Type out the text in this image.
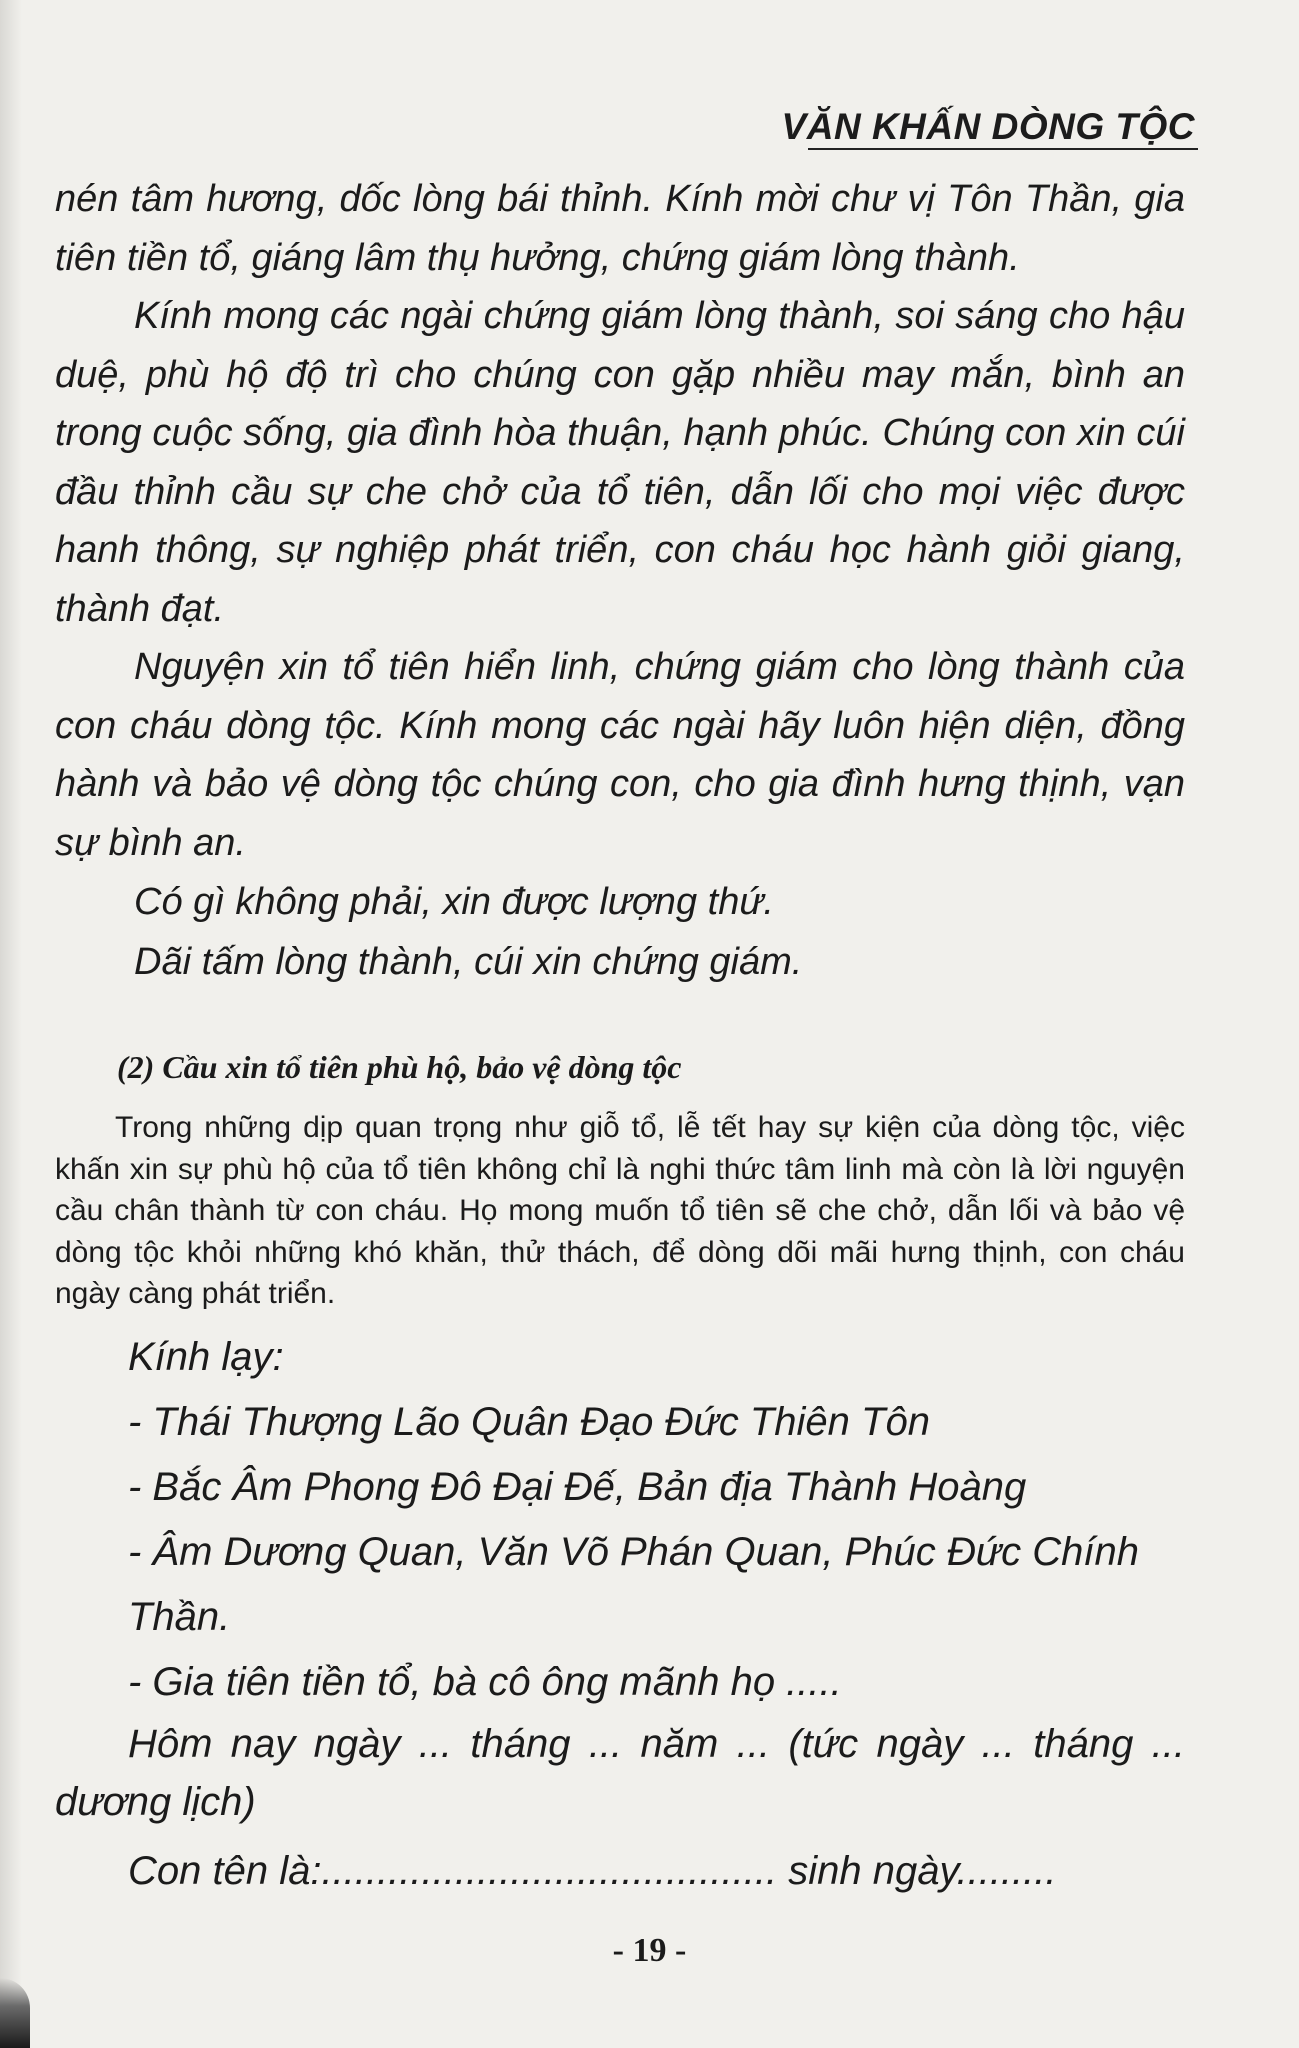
VĂN KHẤN DÒNG TỘC

nén tâm hương, dốc lòng bái thỉnh. Kính mời chư vị Tôn Thần, gia tiên tiền tổ, giáng lâm thụ hưởng, chứng giám lòng thành.

Kính mong các ngài chứng giám lòng thành, soi sáng cho hậu duệ, phù hộ độ trì cho chúng con gặp nhiều may mắn, bình an trong cuộc sống, gia đình hòa thuận, hạnh phúc. Chúng con xin cúi đầu thỉnh cầu sự che chở của tổ tiên, dẫn lối cho mọi việc được hanh thông, sự nghiệp phát triển, con cháu học hành giỏi giang, thành đạt.

Nguyện xin tổ tiên hiển linh, chứng giám cho lòng thành của con cháu dòng tộc. Kính mong các ngài hãy luôn hiện diện, đồng hành và bảo vệ dòng tộc chúng con, cho gia đình hưng thịnh, vạn sự bình an.

Có gì không phải, xin được lượng thứ.

Dãi tấm lòng thành, cúi xin chứng giám.

(2) Cầu xin tổ tiên phù hộ, bảo vệ dòng tộc

Trong những dịp quan trọng như giỗ tổ, lễ tết hay sự kiện của dòng tộc, việc khấn xin sự phù hộ của tổ tiên không chỉ là nghi thức tâm linh mà còn là lời nguyện cầu chân thành từ con cháu. Họ mong muốn tổ tiên sẽ che chở, dẫn lối và bảo vệ dòng tộc khỏi những khó khăn, thử thách, để dòng dõi mãi hưng thịnh, con cháu ngày càng phát triển.

Kính lạy:

- Thái Thượng Lão Quân Đạo Đức Thiên Tôn

- Bắc Âm Phong Đô Đại Đế, Bản địa Thành Hoàng

- Âm Dương Quan, Văn Võ Phán Quan, Phúc Đức Chính Thần.

- Gia tiên tiền tổ, bà cô ông mãnh họ .....

Hôm nay ngày ... tháng ... năm ... (tức ngày ... tháng ... dương lịch)

Con tên là:......................................... sinh ngày.........

- 19 -
